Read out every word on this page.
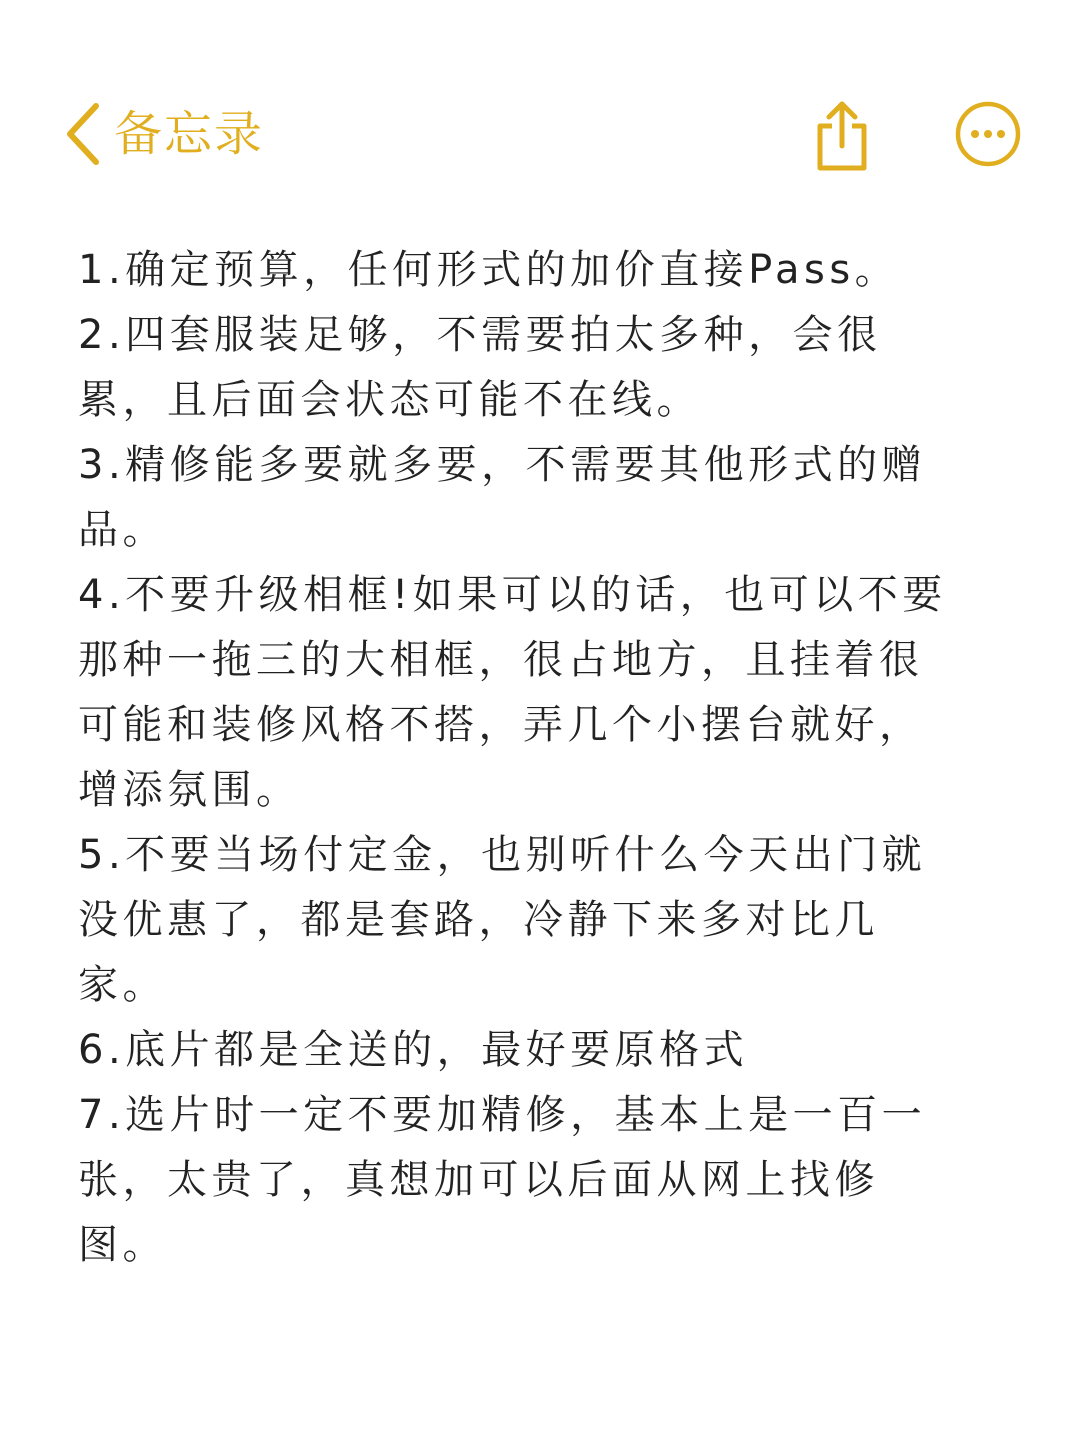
备忘录
1.确定预算，任何形式的加价直接Pass。
2.四套服装足够，不需要拍太多种，会很
累，且后面会状态可能不在线。
3.精修能多要就多要，不需要其他形式的赠
品。
4.不要升级相框!如果可以的话，也可以不要
那种一拖三的大相框，很占地方，且挂着很
可能和装修风格不搭，弄几个小摆台就好，
增添氛围。
5.不要当场付定金，也别听什么今天出门就
没优惠了，都是套路，冷静下来多对比几
家。
6.底片都是全送的，最好要原格式
7.选片时一定不要加精修，基本上是一百一
张，太贵了，真想加可以后面从网上找修
图。
